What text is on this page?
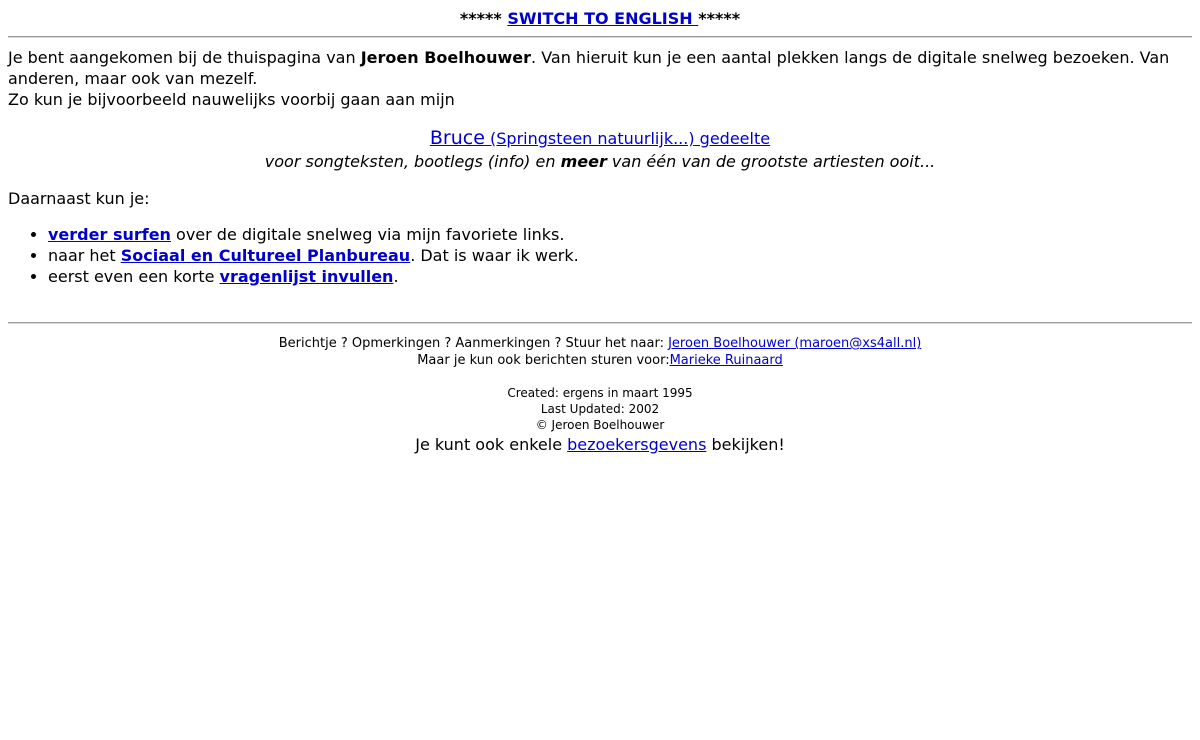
***** SWITCH TO ENGLISH *****
Je bent aangekomen bij de thuispagina van Jeroen Boelhouwer. Van hieruit kun je een aantal plekken langs de digitale snelweg bezoeken. Van anderen, maar ook van mezelf.
Zo kun je bijvoorbeeld nauwelijks voorbij gaan aan mijn
Bruce (Springsteen natuurlijk...) gedeelte
voor songteksten, bootlegs (info) en meer van één van de grootste artiesten ooit...
Daarnaast kun je:
• verder surfen over de digitale snelweg via mijn favoriete links.
• naar het Sociaal en Cultureel Planbureau. Dat is waar ik werk.
• eerst even een korte vragenlijst invullen.
Berichtje ? Opmerkingen ? Aanmerkingen ? Stuur het naar: Jeroen Boelhouwer (maroen@xs4all.nl)
Maar je kun ook berichten sturen voor:Marieke Ruinaard
Created: ergens in maart 1995
Last Updated: 2002
© Jeroen Boelhouwer
Je kunt ook enkele bezoekersgevens bekijken!
